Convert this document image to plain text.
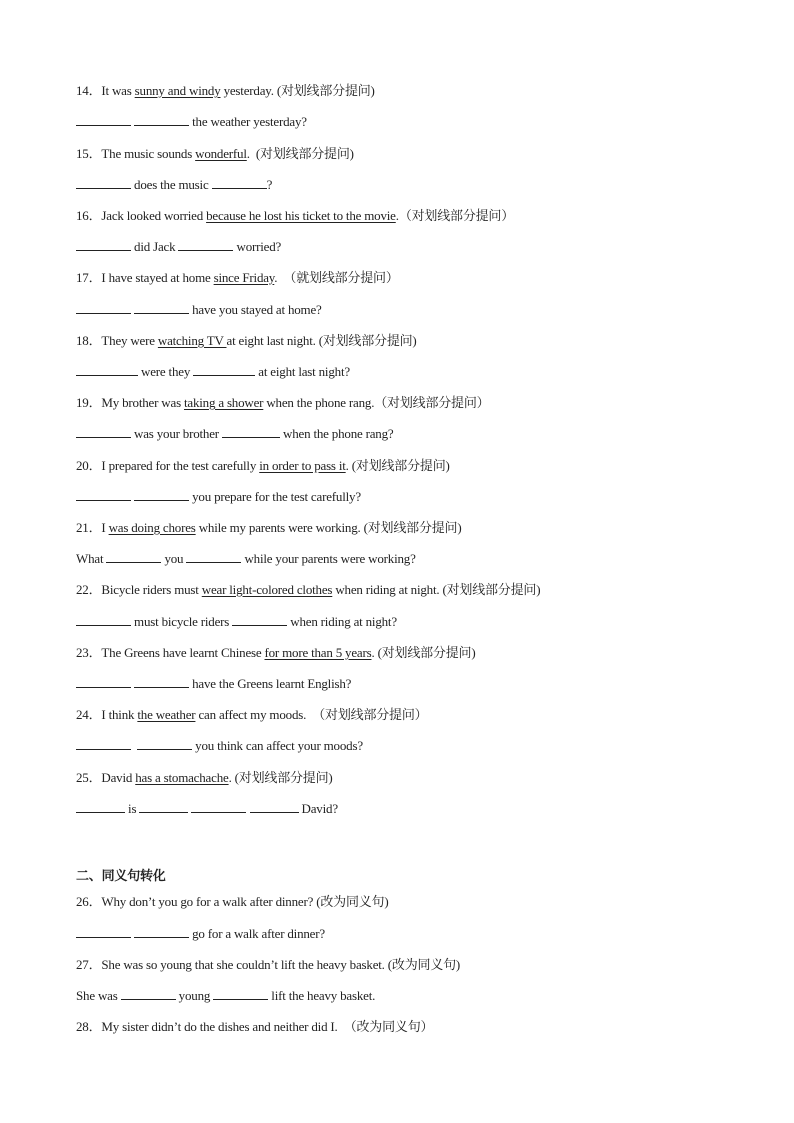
14．It was sunny and windy yesterday. (对划线部分提问)
the weather yesterday?
15．The music sounds wonderful.  (对划线部分提问)
does the music	?
16．Jack looked worried because he lost his ticket to the movie.（对划线部分提问）
did Jack	worried?
17．I have stayed at home since Friday.  （就划线部分提问）
have you stayed at home?
18．They were watching TV at eight last night. (对划线部分提问)
were they	at eight last night?
19．My brother was taking a shower when the phone rang.（对划线部分提问）
was your brother	when the phone rang?
20．I prepared for the test carefully in order to pass it. (对划线部分提问)
you prepare for the test carefully?
21．I was doing chores while my parents were working. (对划线部分提问)
What	you	while your parents were working?
22．Bicycle riders must wear light-colored clothes when riding at night. (对划线部分提问)
must bicycle riders	when riding at night?
23．The Greens have learnt Chinese for more than 5 years. (对划线部分提问)
have the Greens learnt English?
24．I think the weather can affect my moods.  （对划线部分提问）
you think can affect your moods?
25．David has a stomachache. (对划线部分提问)
is	David?
二、同义句转化
26．Why don’t you go for a walk after dinner? (改为同义句)
go for a walk after dinner?
27．She was so young that she couldn’t lift the heavy basket. (改为同义句)
She was	young	lift the heavy basket.
28．My sister didn’t do the dishes and neither did I.  （改为同义句）
